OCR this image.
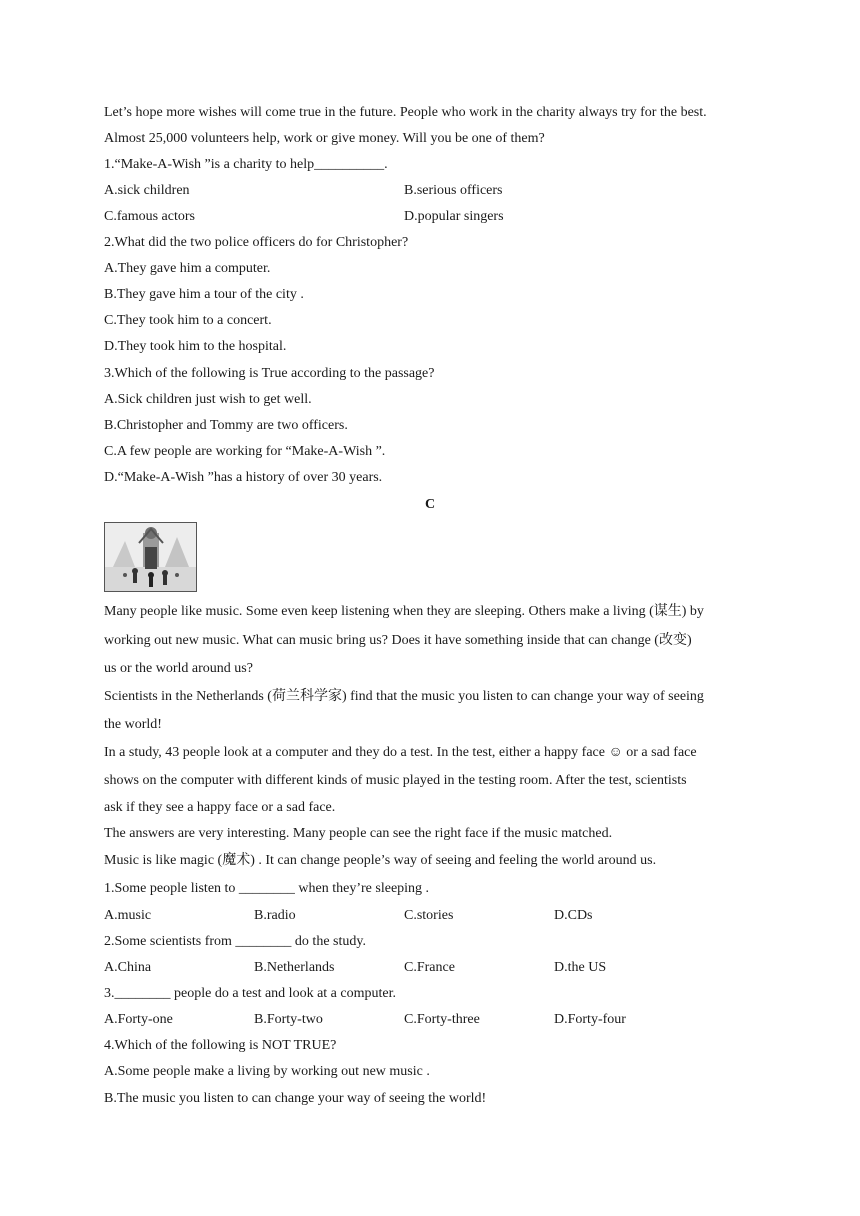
Let’s hope more wishes will come true in the future. People who work in the charity always try for the best.
Almost 25,000 volunteers help, work or give money. Will you be one of them?
1.“Make-A-Wish ”is a charity to help__________.
A.sick children	B.serious officers
C.famous actors	D.popular singers
2.What did the two police officers do for Christopher?
A.They gave him a computer.
B.They gave him a tour of the city .
C.They took him to a concert.
D.They took him to the hospital.
3.Which of the following is True according to the passage?
A.Sick children just wish to get well.
B.Christopher and Tommy are two officers.
C.A few people are working for “Make-A-Wish ”.
D.“Make-A-Wish ”has a history of over 30 years.
C
Many people like music. Some even keep listening when they are sleeping. Others make a living (谋生) by
working out new music. What can music bring us? Does it have something inside that can change (改变)
us or the world around us?
Scientists in the Netherlands (荷兰科学家) find that the music you listen to can change your way of seeing
the world!
In a study, 43 people look at a computer and they do a test. In the test, either a happy face ☺ or a sad face
shows on the computer with different kinds of music played in the testing room. After the test, scientists
ask if they see a happy face or a sad face.
The answers are very interesting. Many people can see the right face if the music matched.
Music is like magic (魔术) . It can change people’s way of seeing and feeling the world around us.
1.Some people listen to ________ when they’re sleeping .
A.music	B.radio	C.stories	D.CDs
2.Some scientists from ________ do the study.
A.China	B.Netherlands	C.France	D.the US
3.________ people do a test and look at a computer.
A.Forty-one	B.Forty-two	C.Forty-three	D.Forty-four
4.Which of the following is NOT TRUE?
A.Some people make a living by working out new music .
B.The music you listen to can change your way of seeing the world!
